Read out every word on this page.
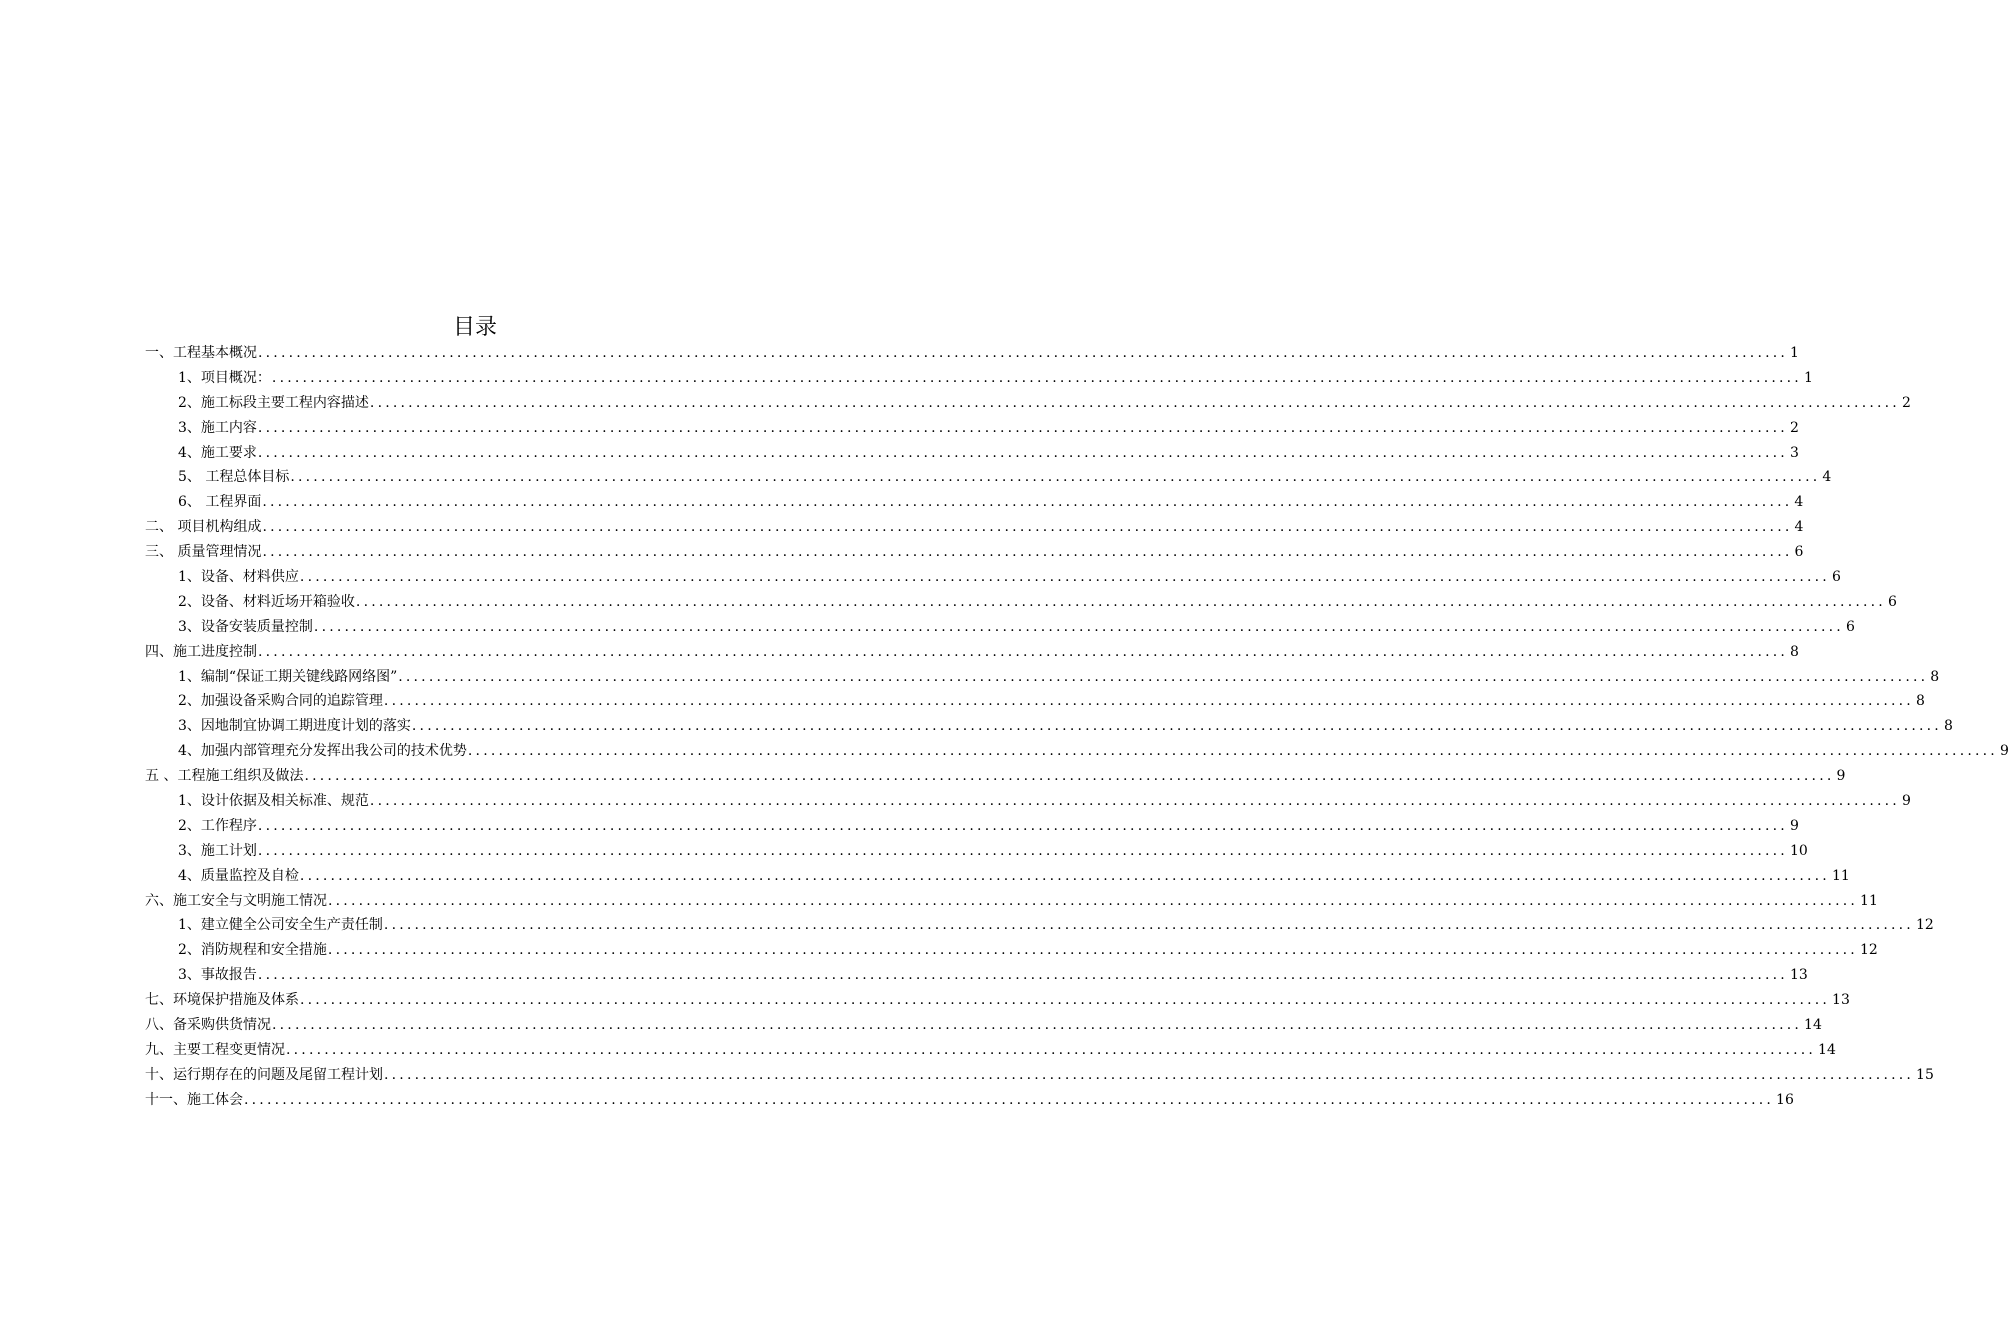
目录
一、工程基本概况 ........................................................................................................................................................................................................ 1
1、项目概况： ........................................................................................................................................................................................................ 1
2、施工标段主要工程内容描述 ........................................................................................................................................................................................................ 2
3、施工内容 ........................................................................................................................................................................................................ 2
4、施工要求 ........................................................................................................................................................................................................ 3
5、 工程总体目标 ........................................................................................................................................................................................................ 4
6、 工程界面 ........................................................................................................................................................................................................ 4
二、 项目机构组成 ........................................................................................................................................................................................................ 4
三、 质量管理情况 ........................................................................................................................................................................................................ 6
1、设备、材料供应 ........................................................................................................................................................................................................ 6
2、设备、材料近场开箱验收 ........................................................................................................................................................................................................ 6
3、设备安装质量控制 ........................................................................................................................................................................................................ 6
四、施工进度控制 ........................................................................................................................................................................................................ 8
1、编制“保证工期关键线路网络图” ........................................................................................................................................................................................................ 8
2、加强设备采购合同的追踪管理 ........................................................................................................................................................................................................ 8
3、因地制宜协调工期进度计划的落实 ........................................................................................................................................................................................................ 8
4、加强内部管理充分发挥出我公司的技术优势 ........................................................................................................................................................................................................ 9
五 、工程施工组织及做法 ........................................................................................................................................................................................................ 9
1、设计依据及相关标准、规范 ........................................................................................................................................................................................................ 9
2、工作程序 ........................................................................................................................................................................................................ 9
3、施工计划 ........................................................................................................................................................................................................ 10
4、质量监控及自检 ........................................................................................................................................................................................................ 11
六、施工安全与文明施工情况 ........................................................................................................................................................................................................ 11
1、建立健全公司安全生产责任制 ........................................................................................................................................................................................................ 12
2、消防规程和安全措施 ........................................................................................................................................................................................................ 12
3、事故报告 ........................................................................................................................................................................................................ 13
七、环境保护措施及体系 ........................................................................................................................................................................................................ 13
八、备采购供货情况 ........................................................................................................................................................................................................ 14
九、主要工程变更情况 ........................................................................................................................................................................................................ 14
十、运行期存在的问题及尾留工程计划 ........................................................................................................................................................................................................ 15
十一、施工体会 ........................................................................................................................................................................................................ 16
